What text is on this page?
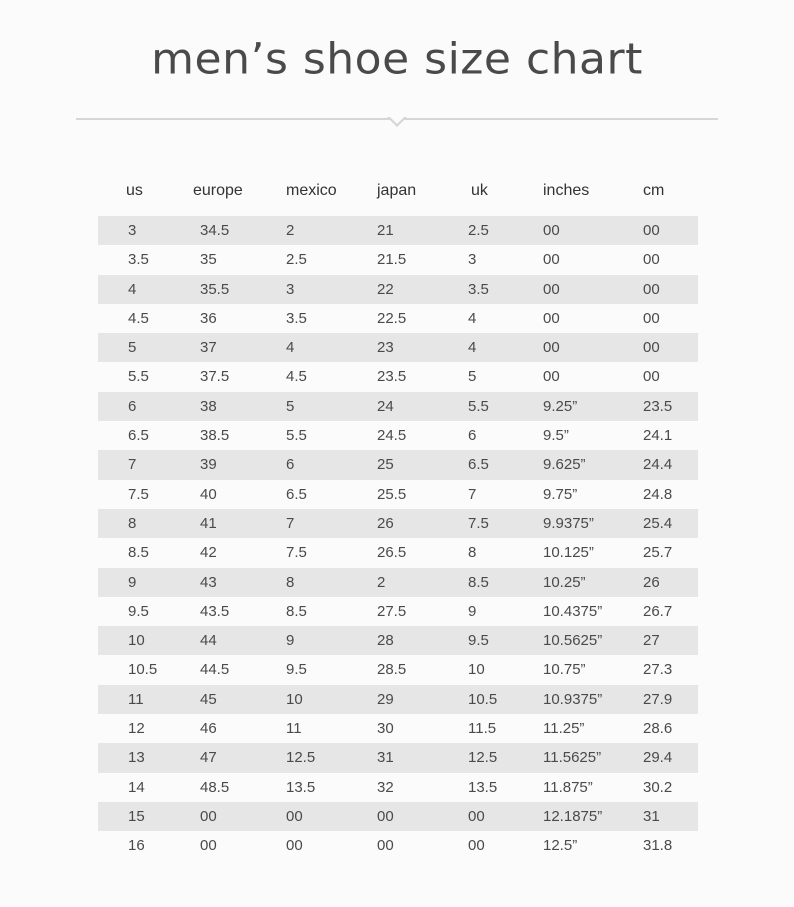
men’s shoe size chart
us	europe	mexico	japan	uk	inches	cm
3	34.5	2	21	2.5	00	00
3.5	35	2.5	21.5	3	00	00
4	35.5	3	22	3.5	00	00
4.5	36	3.5	22.5	4	00	00
5	37	4	23	4	00	00
5.5	37.5	4.5	23.5	5	00	00
6	38	5	24	5.5	9.25”	23.5
6.5	38.5	5.5	24.5	6	9.5”	24.1
7	39	6	25	6.5	9.625”	24.4
7.5	40	6.5	25.5	7	9.75”	24.8
8	41	7	26	7.5	9.9375”	25.4
8.5	42	7.5	26.5	8	10.125”	25.7
9	43	8	2	8.5	10.25”	26
9.5	43.5	8.5	27.5	9	10.4375”	26.7
10	44	9	28	9.5	10.5625”	27
10.5	44.5	9.5	28.5	10	10.75”	27.3
11	45	10	29	10.5	10.9375”	27.9
12	46	11	30	11.5	11.25”	28.6
13	47	12.5	31	12.5	11.5625”	29.4
14	48.5	13.5	32	13.5	11.875”	30.2
15	00	00	00	00	12.1875”	31
16	00	00	00	00	12.5”	31.8
